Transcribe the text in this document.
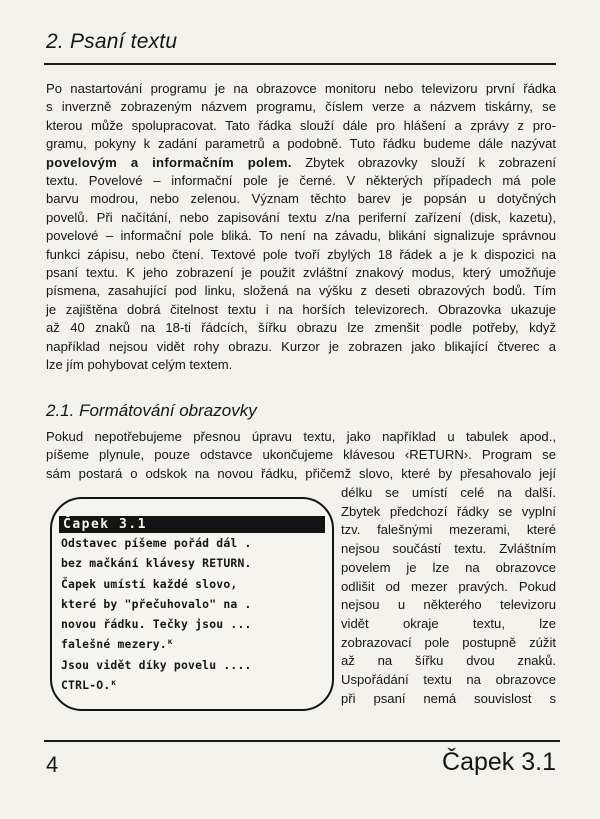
2. Psaní textu

Po nastartování programu je na obrazovce monitoru nebo televizoru první řádka
s inverzně zobrazeným názvem programu, číslem verze a názvem tiskárny, se
kterou může spolupracovat. Tato řádka slouží dále pro hlášení a zprávy z pro-
gramu, pokyny k zadání parametrů a podobně. Tuto řádku budeme dále nazývat
povelovým a informačním polem. Zbytek obrazovky slouží k zobrazení
textu. Povelové – informační pole je černé. V některých případech má pole
barvu modrou, nebo zelenou. Význam těchto barev je popsán u dotyčných
povelů. Při načítání, nebo zapisování textu z/na periferní zařízení (disk, kazetu),
povelové – informační pole bliká. To není na závadu, blikání signalizuje správnou
funkci zápisu, nebo čtení. Textové pole tvoří zbylých 18 řádek a je k dispozici na
psaní textu. K jeho zobrazení je použit zvláštní znakový modus, který umožňuje
písmena, zasahující pod linku, složená na výšku z deseti obrazových bodů. Tím
je zajištěna dobrá čitelnost textu i na horších televizorech. Obrazovka ukazuje
až 40 znaků na 18-ti řádcích, šířku obrazu lze zmenšit podle potřeby, když
například nejsou vidět rohy obrazu. Kurzor je zobrazen jako blikající čtverec a
lze jím pohybovat celým textem.

2.1. Formátování obrazovky

Pokud nepotřebujeme přesnou úpravu textu, jako například u tabulek apod.,
píšeme plynule, pouze odstavce ukončujeme klávesou ‹RETURN›. Program se
sám postará o odskok na novou řádku, přičemž slovo, které by přesahovalo její

délku se umístí celé na další.
Zbytek předchozí řádky se vyplní
tzv. falešnými mezerami, které
nejsou součástí textu. Zvláštním
povelem je lze na obrazovce
odlišit od mezer pravých. Pokud
nejsou u některého televizoru
vidět okraje textu, lze
zobrazovací pole postupně zúžit
až na šířku dvou znaků.
Uspořádání textu na obrazovce
při psaní nemá souvislost s

Čapek 3.1
Odstavec píšeme pořád dál .
bez mačkání klávesy RETURN.
Čapek umístí každé slovo,
které by "přečuhovalo" na .
novou řádku. Tečky jsou ...
falešné mezery.ᴷ
Jsou vidět díky povelu ....
CTRL-O.ᴷ
4	Čapek 3.1
